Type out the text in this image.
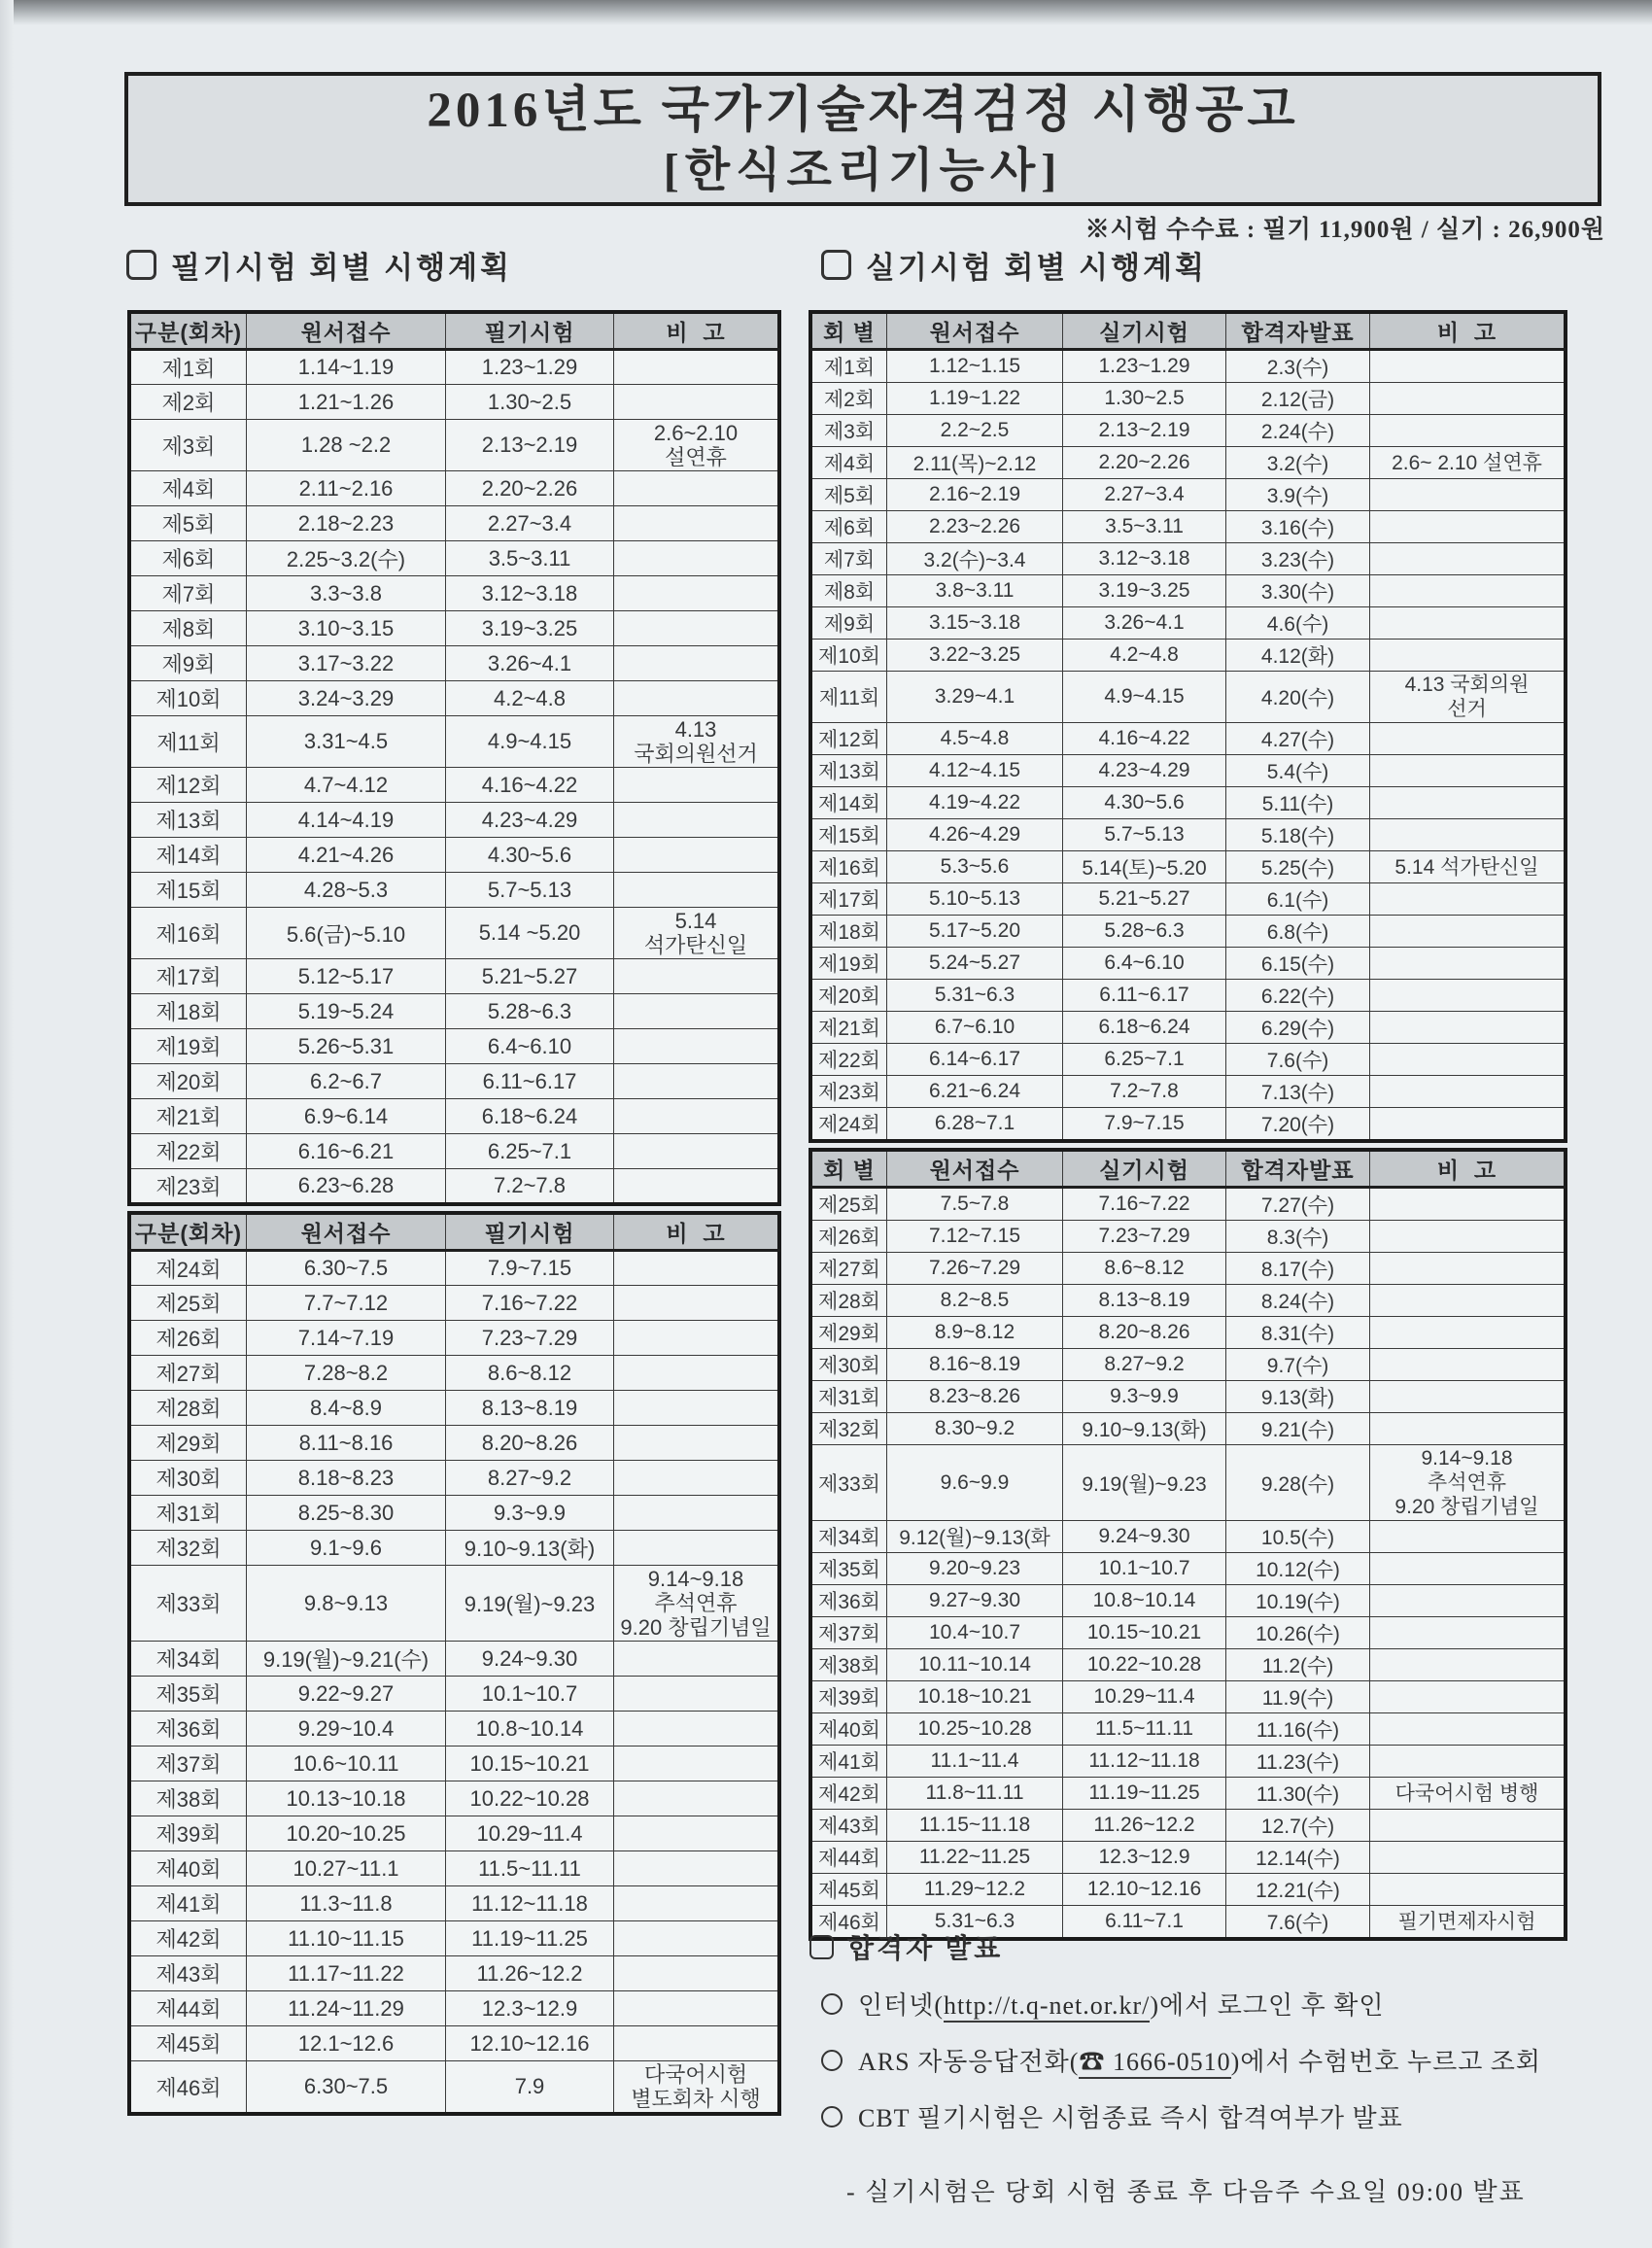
2016년도 국가기술자격검정 시행공고
[한식조리기능사]
※시험 수수료 : 필기 11,900원 / 실기 : 26,900원
필기시험 회별 시행계획	실기시험 회별 시행계획
구분(회차)	원서접수	필기시험	비  고
제1회	1.14~1.19	1.23~1.29	
제2회	1.21~1.26	1.30~2.5	
제3회	1.28 ~2.2	2.13~2.19	2.6~2.10
설연휴

제4회	2.11~2.16	2.20~2.26	
제5회	2.18~2.23	2.27~3.4	
제6회	2.25~3.2(수)	3.5~3.11	
제7회	3.3~3.8	3.12~3.18	
제8회	3.10~3.15	3.19~3.25	
제9회	3.17~3.22	3.26~4.1	
제10회	3.24~3.29	4.2~4.8	
제11회	3.31~4.5	4.9~4.15	4.13
국회의원선거

제12회	4.7~4.12	4.16~4.22	
제13회	4.14~4.19	4.23~4.29	
제14회	4.21~4.26	4.30~5.6	
제15회	4.28~5.3	5.7~5.13	
제16회	5.6(금)~5.10	5.14 ~5.20	5.14
석가탄신일

제17회	5.12~5.17	5.21~5.27	
제18회	5.19~5.24	5.28~6.3	
제19회	5.26~5.31	6.4~6.10	
제20회	6.2~6.7	6.11~6.17	
제21회	6.9~6.14	6.18~6.24	
제22회	6.16~6.21	6.25~7.1	
제23회	6.23~6.28	7.2~7.8	
구분(회차)	원서접수	필기시험	비  고
제24회	6.30~7.5	7.9~7.15	
제25회	7.7~7.12	7.16~7.22	
제26회	7.14~7.19	7.23~7.29	
제27회	7.28~8.2	8.6~8.12	
제28회	8.4~8.9	8.13~8.19	
제29회	8.11~8.16	8.20~8.26	
제30회	8.18~8.23	8.27~9.2	
제31회	8.25~8.30	9.3~9.9	
제32회	9.1~9.6	9.10~9.13(화)	
제33회	9.8~9.13	9.19(월)~9.23	9.14~9.18
추석연휴
9.20 창립기념일

제34회	9.19(월)~9.21(수)	9.24~9.30	
제35회	9.22~9.27	10.1~10.7	
제36회	9.29~10.4	10.8~10.14	
제37회	10.6~10.11	10.15~10.21	
제38회	10.13~10.18	10.22~10.28	
제39회	10.20~10.25	10.29~11.4	
제40회	10.27~11.1	11.5~11.11	
제41회	11.3~11.8	11.12~11.18	
제42회	11.10~11.15	11.19~11.25	
제43회	11.17~11.22	11.26~12.2	
제44회	11.24~11.29	12.3~12.9	
제45회	12.1~12.6	12.10~12.16	
제46회	6.30~7.5	7.9	다국어시험
별도회차 시행
회 별	원서접수	실기시험	합격자발표	비  고
제1회	1.12~1.15	1.23~1.29	2.3(수)	
제2회	1.19~1.22	1.30~2.5	2.12(금)	
제3회	2.2~2.5	2.13~2.19	2.24(수)	
제4회	2.11(목)~2.12	2.20~2.26	3.2(수)	2.6~ 2.10 설연휴

제5회	2.16~2.19	2.27~3.4	3.9(수)	
제6회	2.23~2.26	3.5~3.11	3.16(수)	
제7회	3.2(수)~3.4	3.12~3.18	3.23(수)	
제8회	3.8~3.11	3.19~3.25	3.30(수)	
제9회	3.15~3.18	3.26~4.1	4.6(수)	
제10회	3.22~3.25	4.2~4.8	4.12(화)	
제11회	3.29~4.1	4.9~4.15	4.20(수)	4.13 국회의원
선거

제12회	4.5~4.8	4.16~4.22	4.27(수)	
제13회	4.12~4.15	4.23~4.29	5.4(수)	
제14회	4.19~4.22	4.30~5.6	5.11(수)	
제15회	4.26~4.29	5.7~5.13	5.18(수)	
제16회	5.3~5.6	5.14(토)~5.20	5.25(수)	5.14 석가탄신일

제17회	5.10~5.13	5.21~5.27	6.1(수)	
제18회	5.17~5.20	5.28~6.3	6.8(수)	
제19회	5.24~5.27	6.4~6.10	6.15(수)	
제20회	5.31~6.3	6.11~6.17	6.22(수)	
제21회	6.7~6.10	6.18~6.24	6.29(수)	
제22회	6.14~6.17	6.25~7.1	7.6(수)	
제23회	6.21~6.24	7.2~7.8	7.13(수)	
제24회	6.28~7.1	7.9~7.15	7.20(수)	
회 별	원서접수	실기시험	합격자발표	비  고
제25회	7.5~7.8	7.16~7.22	7.27(수)	
제26회	7.12~7.15	7.23~7.29	8.3(수)	
제27회	7.26~7.29	8.6~8.12	8.17(수)	
제28회	8.2~8.5	8.13~8.19	8.24(수)	
제29회	8.9~8.12	8.20~8.26	8.31(수)	
제30회	8.16~8.19	8.27~9.2	9.7(수)	
제31회	8.23~8.26	9.3~9.9	9.13(화)	
제32회	8.30~9.2	9.10~9.13(화)	9.21(수)	
제33회	9.6~9.9	9.19(월)~9.23	9.28(수)	9.14~9.18
추석연휴
9.20 창립기념일

제34회	9.12(월)~9.13(화	9.24~9.30	10.5(수)	
제35회	9.20~9.23	10.1~10.7	10.12(수)	
제36회	9.27~9.30	10.8~10.14	10.19(수)	
제37회	10.4~10.7	10.15~10.21	10.26(수)	
제38회	10.11~10.14	10.22~10.28	11.2(수)	
제39회	10.18~10.21	10.29~11.4	11.9(수)	
제40회	10.25~10.28	11.5~11.11	11.16(수)	
제41회	11.1~11.4	11.12~11.18	11.23(수)	
제42회	11.8~11.11	11.19~11.25	11.30(수)	다국어시험 병행

제43회	11.15~11.18	11.26~12.2	12.7(수)	
제44회	11.22~11.25	12.3~12.9	12.14(수)	
제45회	11.29~12.2	12.10~12.16	12.21(수)	
제46회	5.31~6.3	6.11~7.1	7.6(수)	필기면제자시험
합격자 발표
인터넷(http://t.q-net.or.kr/)에서 로그인 후 확인
ARS 자동응답전화(☎ 1666-0510)에서 수험번호 누르고 조회
CBT 필기시험은 시험종료 즉시 합격여부가 발표
- 실기시험은 당회 시험 종료 후 다음주 수요일 09:00 발표
